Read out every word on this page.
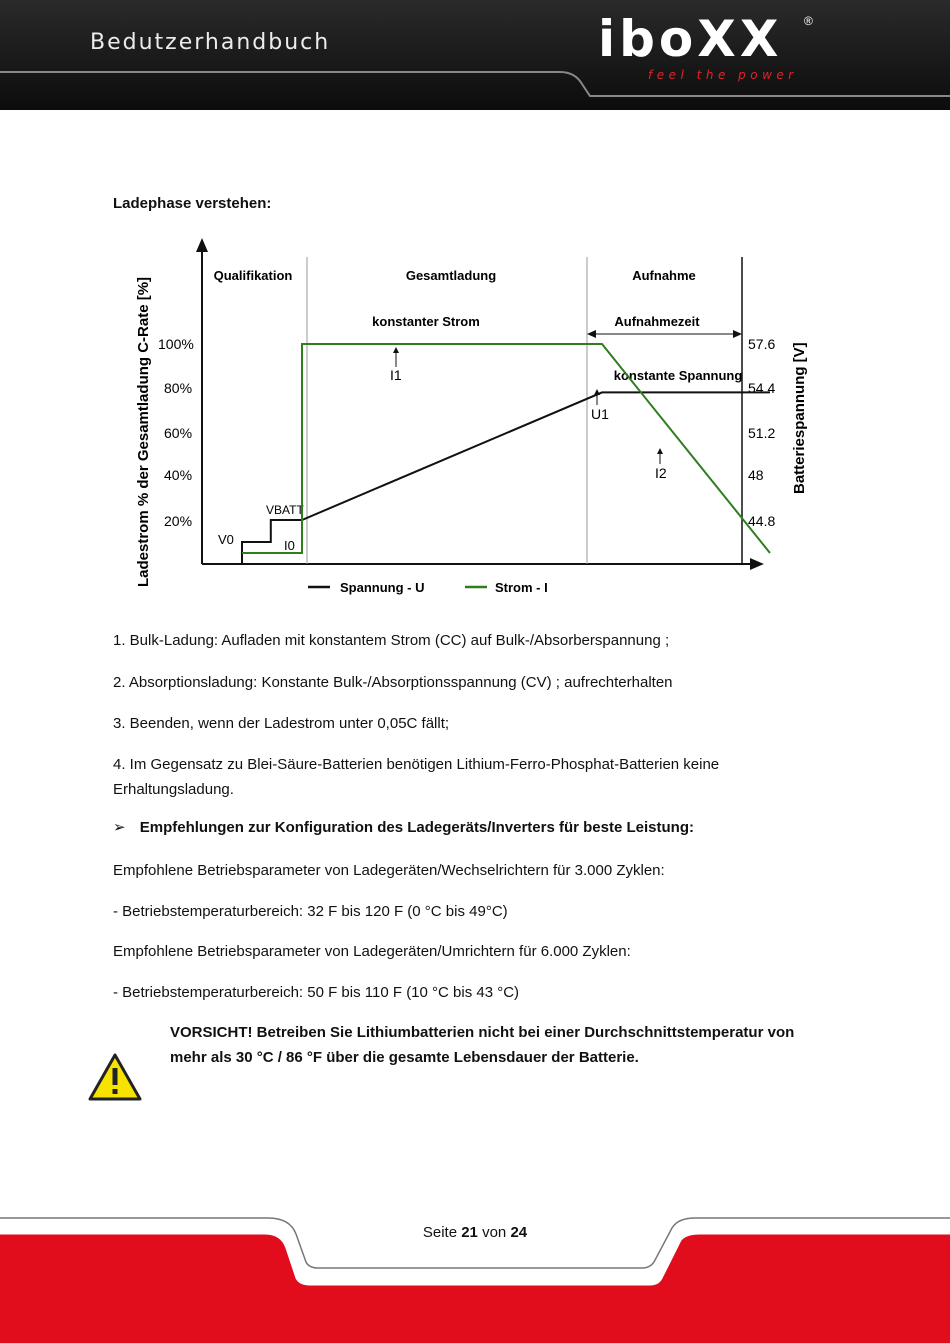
Bedutzerhandbuch	iboXX ®
feel the power
Ladephase verstehen:
100%
80%
60%
40%
20%
57.6
54.4
51.2
48
44.8
Ladestrom % der Gesamtladung C-Rate [%]	Batteriespannung [V]
Qualifikation	Gesamtladung	Aufnahme
konstanter Strom	Aufnahmezeit
konstante Spannung
I1
U1
I2
V0
VBATT
I0
Spannung - U	Strom - I
1. Bulk-Ladung: Aufladen mit konstantem Strom (CC) auf Bulk-/Absorberspannung ;
2. Absorptionsladung: Konstante Bulk-/Absorptionsspannung (CV) ; aufrechterhalten
3. Beenden, wenn der Ladestrom unter 0,05C fällt;
4. Im Gegensatz zu Blei-Säure-Batterien benötigen Lithium-Ferro-Phosphat-Batterien keine Erhaltungsladung.
➢ Empfehlungen zur Konfiguration des Ladegeräts/Inverters für beste Leistung:
Empfohlene Betriebsparameter von Ladegeräten/Wechselrichtern für 3.000 Zyklen:
- Betriebstemperaturbereich: 32 F bis 120 F (0 °C bis 49°C)
Empfohlene Betriebsparameter von Ladegeräten/Umrichtern für 6.000 Zyklen:
- Betriebstemperaturbereich: 50 F bis 110 F (10 °C bis 43 °C)
VORSICHT! Betreiben Sie Lithiumbatterien nicht bei einer Durchschnittstemperatur von mehr als 30 °C / 86 °F über die gesamte Lebensdauer der Batterie.
Seite 21 von 24
